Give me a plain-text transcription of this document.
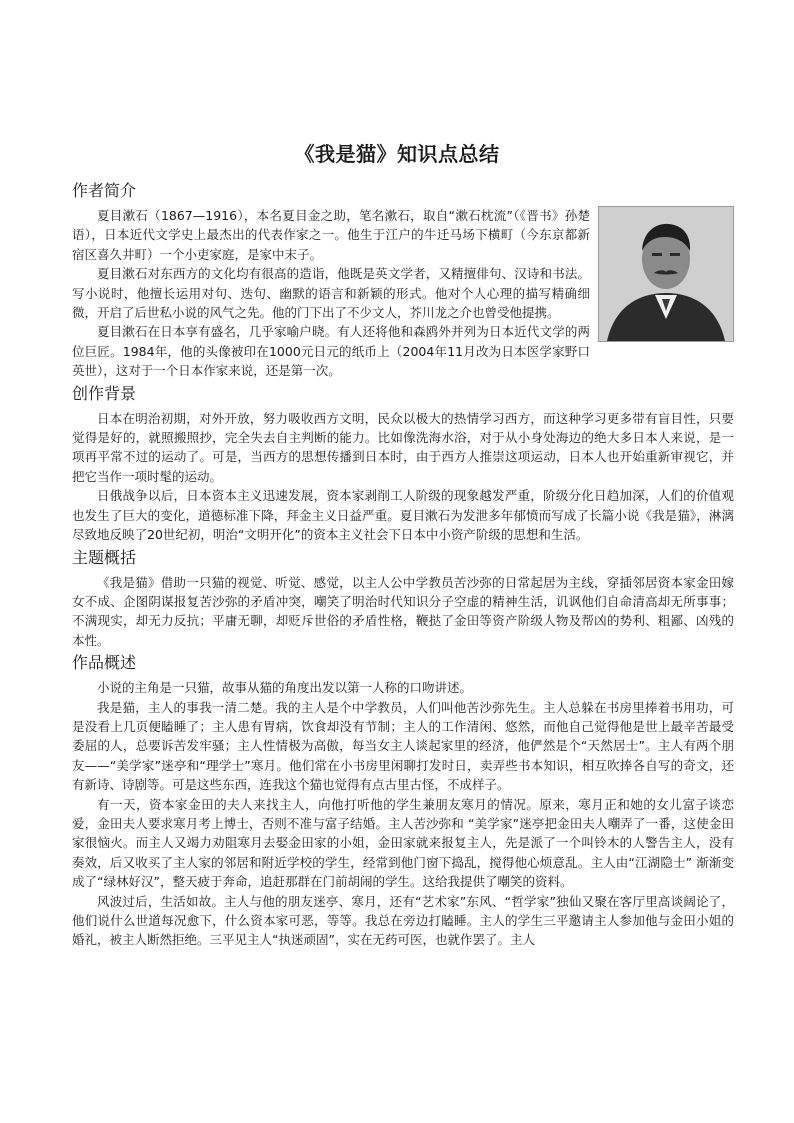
《我是猫》知识点总结
作者简介

夏目漱石（1867—1916），本名夏目金之助，笔名漱石，取自“漱石枕流”（《晋书》孙楚语），日本近代文学史上最杰出的代表作家之一。他生于江户的牛迁马场下横町（今东京都新宿区喜久井町）一个小吏家庭，是家中末子。

夏目漱石对东西方的文化均有很高的造诣，他既是英文学者，又精擅俳句、汉诗和书法。写小说时，他擅长运用对句、迭句、幽默的语言和新颖的形式。他对个人心理的描写精确细微，开启了后世私小说的风气之先。他的门下出了不少文人，芥川龙之介也曾受他提携。

夏目漱石在日本享有盛名，几乎家喻户晓。有人还将他和森鸥外并列为日本近代文学的两位巨匠。1984年，他的头像被印在1000元日元的纸币上（2004年11月改为日本医学家野口英世），这对于一个日本作家来说，还是第一次。

创作背景

日本在明治初期，对外开放，努力吸收西方文明，民众以极大的热情学习西方，而这种学习更多带有盲目性，只要觉得是好的，就照搬照抄，完全失去自主判断的能力。比如像洗海水浴，对于从小身处海边的绝大多日本人来说，是一项再平常不过的运动了。可是，当西方的思想传播到日本时，由于西方人推崇这项运动，日本人也开始重新审视它，并把它当作一项时髦的运动。

日俄战争以后，日本资本主义迅速发展，资本家剥削工人阶级的现象越发严重，阶级分化日趋加深，人们的价值观也发生了巨大的变化，道德标准下降，拜金主义日益严重。夏目漱石为发泄多年郁愤而写成了长篇小说《我是猫》，淋漓尽致地反映了20世纪初，明治“文明开化”的资本主义社会下日本中小资产阶级的思想和生活。

主题概括

《我是猫》借助一只猫的视觉、听觉、感觉，以主人公中学教员苦沙弥的日常起居为主线，穿插邻居资本家金田嫁女不成、企图阴谋报复苦沙弥的矛盾冲突，嘲笑了明治时代知识分子空虚的精神生活，讥讽他们自命清高却无所事事；不满现实，却无力反抗；平庸无聊，却贬斥世俗的矛盾性格，鞭挞了金田等资产阶级人物及帮凶的势利、粗鄙、凶残的本性。

作品概述

小说的主角是一只猫，故事从猫的角度出发以第一人称的口吻讲述。

我是猫，主人的事我一清二楚。我的主人是个中学教员，人们叫他苦沙弥先生。主人总躲在书房里捧着书用功，可是没看上几页便瞌睡了；主人患有胃病，饮食却没有节制；主人的工作清闲、悠然，而他自己觉得他是世上最辛苦最受委屈的人，总要诉苦发牢骚；主人性情极为高傲，每当女主人谈起家里的经济，他俨然是个“天然居士”。主人有两个朋友——“美学家”迷亭和“理学士”寒月。他们常在小书房里闲聊打发时日，卖弄些书本知识，相互吹捧各自写的奇文，还有新诗、诗剧等。可是这些东西，连我这个猫也觉得有点古里古怪，不成样子。

有一天，资本家金田的夫人来找主人，向他打听他的学生兼朋友寒月的情况。原来，寒月正和她的女儿富子谈恋爱，金田夫人要求寒月考上博士，否则不准与富子结婚。主人苦沙弥和 “美学家”迷亭把金田夫人嘲弄了一番，这使金田家很恼火。而主人又竭力劝阻寒月去娶金田家的小姐，金田家就来报复主人，先是派了一个叫铃木的人警告主人，没有奏效，后又收买了主人家的邻居和附近学校的学生，经常到他门窗下捣乱，搅得他心烦意乱。主人由“江湖隐士” 渐渐变成了“绿林好汉”，整天疲于奔命，追赶那群在门前胡闹的学生。这给我提供了嘲笑的资料。

风波过后，生活如故。主人与他的朋友迷亭、寒月，还有“艺术家”东风、“哲学家”独仙又聚在客厅里高谈阔论了，他们说什么世道每况愈下，什么资本家可恶，等等。我总在旁边打瞌睡。主人的学生三平邀请主人参加他与金田小姐的婚礼，被主人断然拒绝。三平见主人“执迷顽固”，实在无药可医，也就作罢了。主人
